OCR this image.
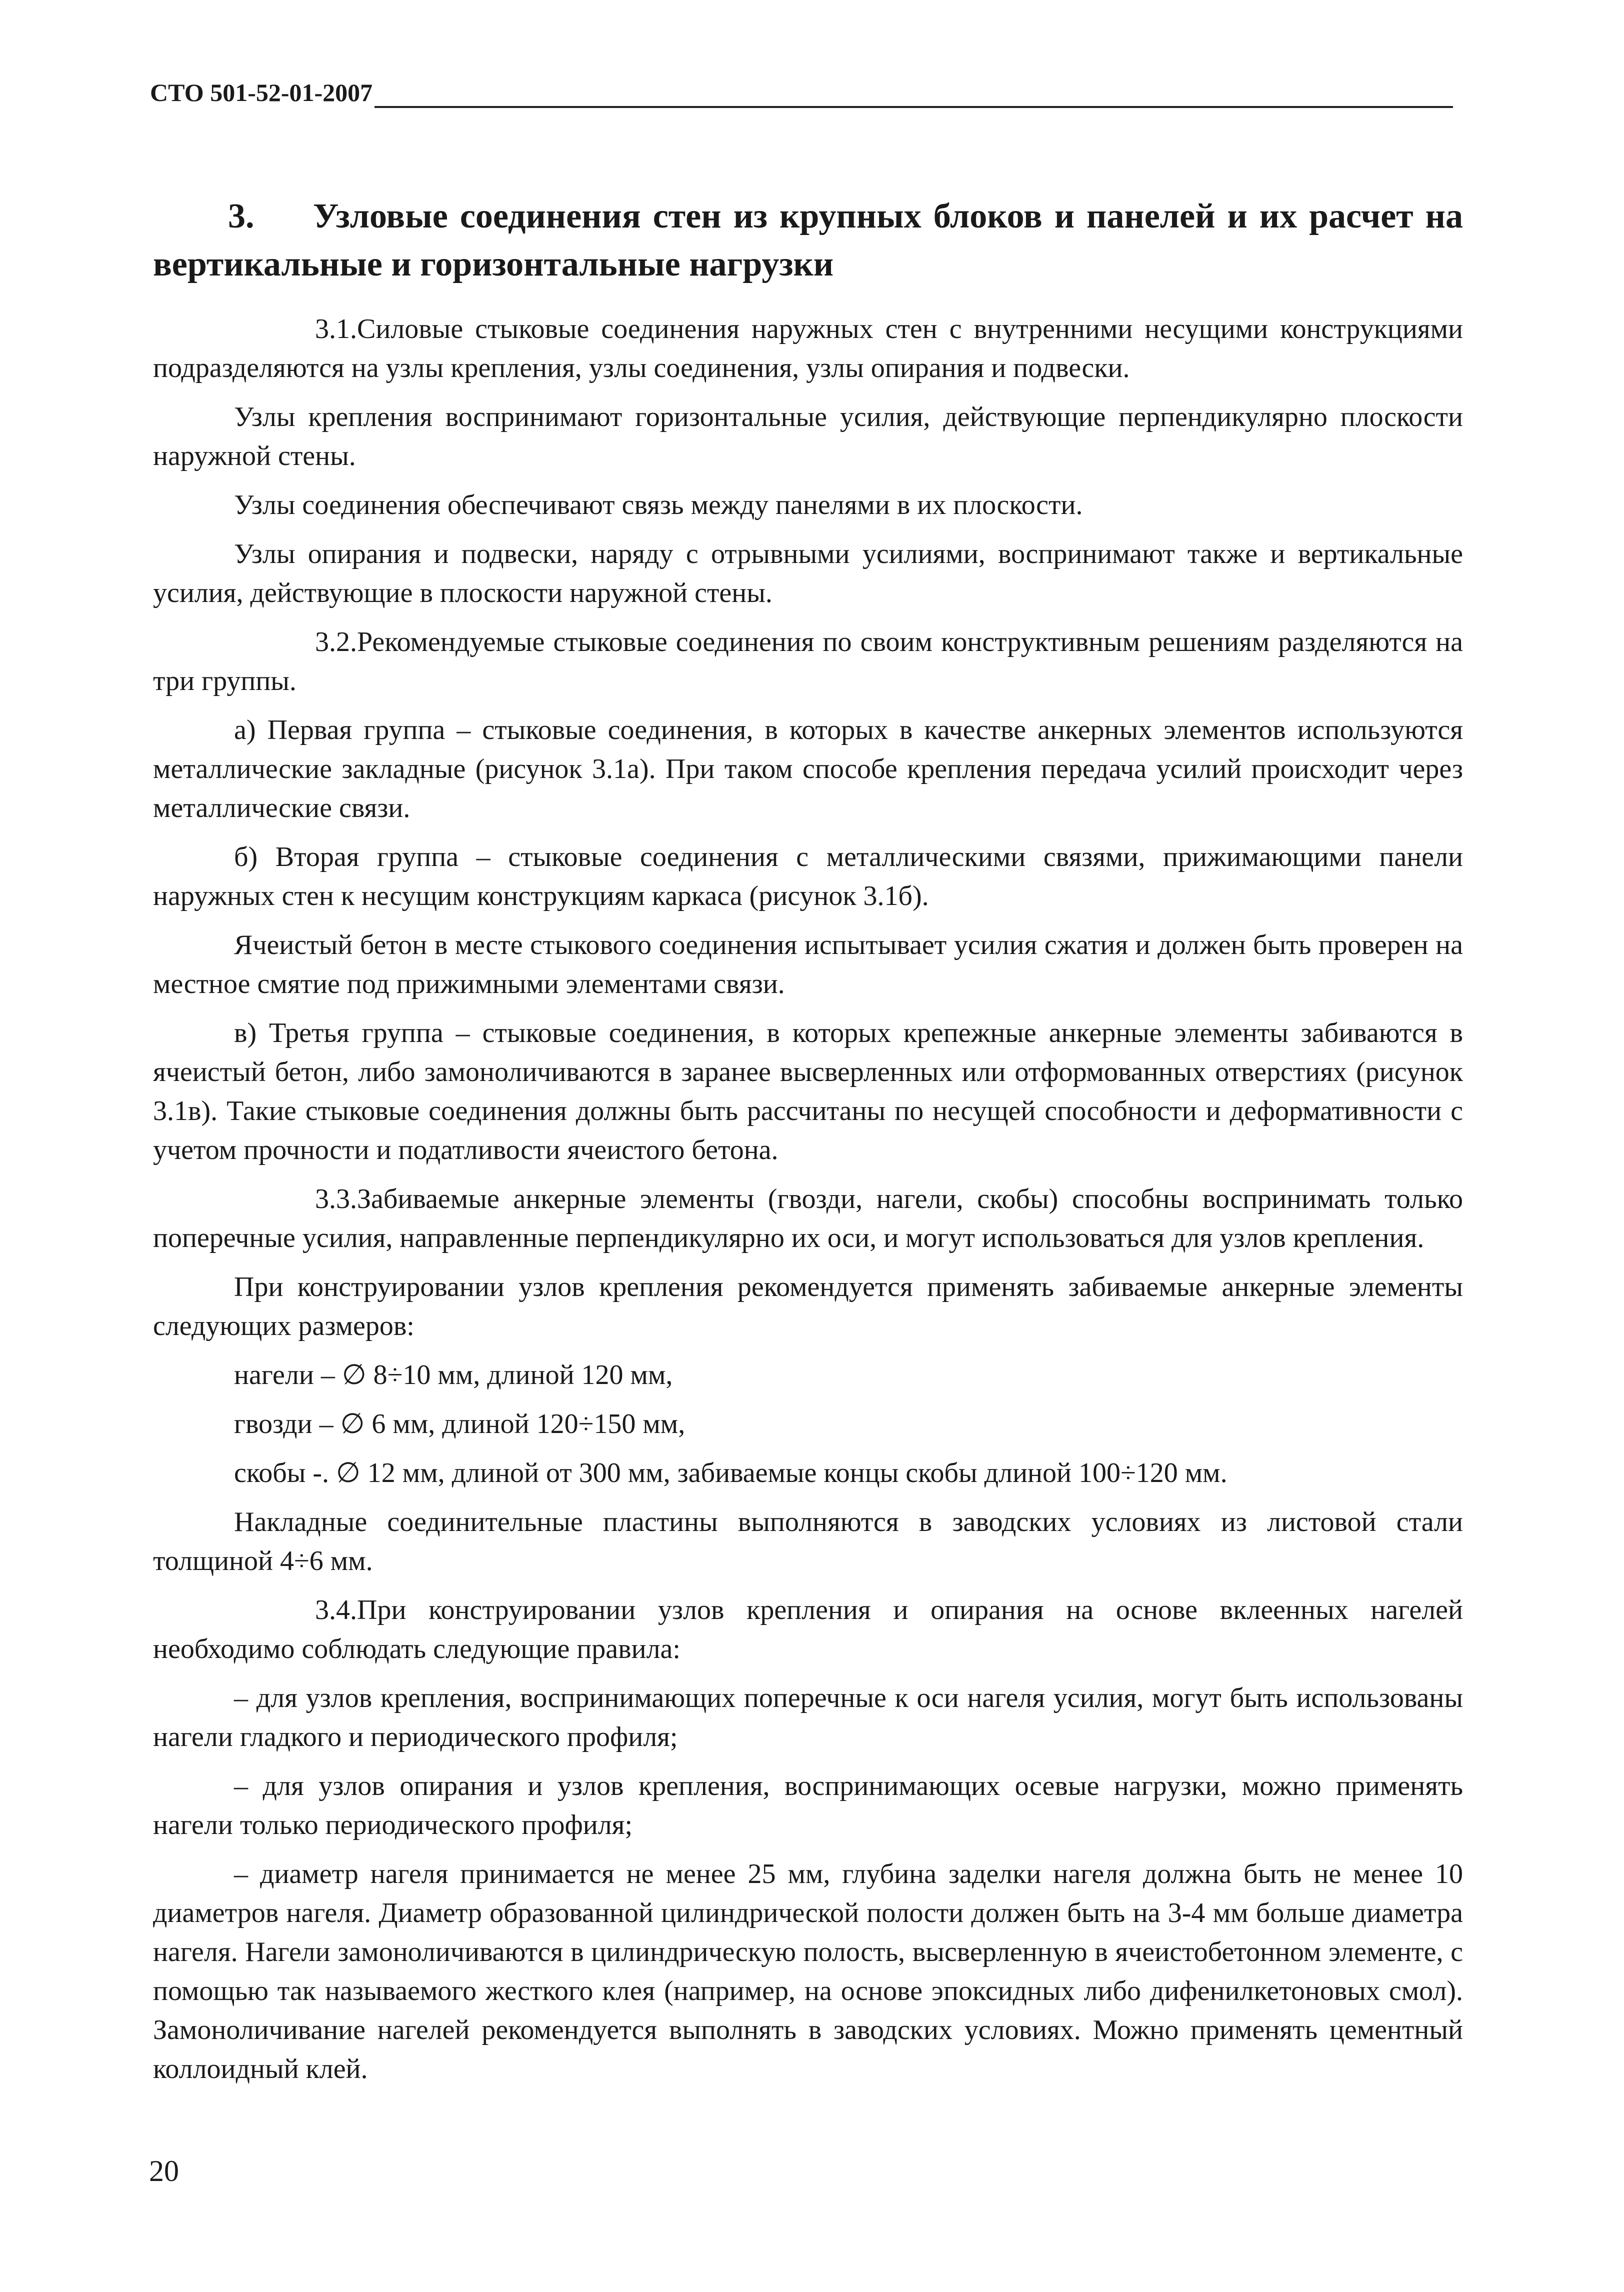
СТО 501-52-01-2007
3. Узловые соединения стен из крупных блоков и панелей и их расчет на вертикальные и горизонтальные нагрузки

3.1.Силовые стыковые соединения наружных стен с внутренними несущими конструкциями подразделяются на узлы крепления, узлы соединения, узлы опирания и подвески.

Узлы крепления воспринимают горизонтальные усилия, действующие перпендикулярно плоскости наружной стены.

Узлы соединения обеспечивают связь между панелями в их плоскости.

Узлы опирания и подвески, наряду с отрывными усилиями, воспринимают также и вертикальные усилия, действующие в плоскости наружной стены.

3.2.Рекомендуемые стыковые соединения по своим конструктивным решениям разделяются на три группы.

а) Первая группа – стыковые соединения, в которых в качестве анкерных элементов используются металлические закладные (рисунок 3.1а). При таком способе крепления передача усилий происходит через металлические связи.

б) Вторая группа – стыковые соединения с металлическими связями, прижимающими панели наружных стен к несущим конструкциям каркаса (рисунок 3.1б).

Ячеистый бетон в месте стыкового соединения испытывает усилия сжатия и должен быть проверен на местное смятие под прижимными элементами связи.

в) Третья группа – стыковые соединения, в которых крепежные анкерные элементы забиваются в ячеистый бетон, либо замоноличиваются в заранее высверленных или отформованных отверстиях (рисунок 3.1в). Такие стыковые соединения должны быть рассчитаны по несущей способности и деформативности с учетом прочности и податливости ячеистого бетона.

3.3.Забиваемые анкерные элементы (гвозди, нагели, скобы) способны воспринимать только поперечные усилия, направленные перпендикулярно их оси, и могут использоваться для узлов крепления.

При конструировании узлов крепления рекомендуется применять забиваемые анкерные элементы следующих размеров:

нагели – ∅ 8÷10 мм, длиной 120 мм,

гвозди – ∅ 6 мм, длиной 120÷150 мм,

скобы -. ∅ 12 мм, длиной от 300 мм, забиваемые концы скобы длиной 100÷120 мм.

Накладные соединительные пластины выполняются в заводских условиях из листовой стали толщиной 4÷6 мм.

3.4.При конструировании узлов крепления и опирания на основе вклеенных нагелей необходимо соблюдать следующие правила:

– для узлов крепления, воспринимающих поперечные к оси нагеля усилия, могут быть использованы нагели гладкого и периодического профиля;

– для узлов опирания и узлов крепления, воспринимающих осевые нагрузки, можно применять нагели только периодического профиля;

– диаметр нагеля принимается не менее 25 мм, глубина заделки нагеля должна быть не менее 10 диаметров нагеля. Диаметр образованной цилиндрической полости должен быть на 3-4 мм больше диаметра нагеля. Нагели замоноличиваются в цилиндрическую полость, высверленную в ячеистобетонном элементе, с помощью так называемого жесткого клея (например, на основе эпоксидных либо дифенилкетоновых смол). Замоноличивание нагелей рекомендуется выполнять в заводских условиях. Можно применять цементный коллоидный клей.

20
